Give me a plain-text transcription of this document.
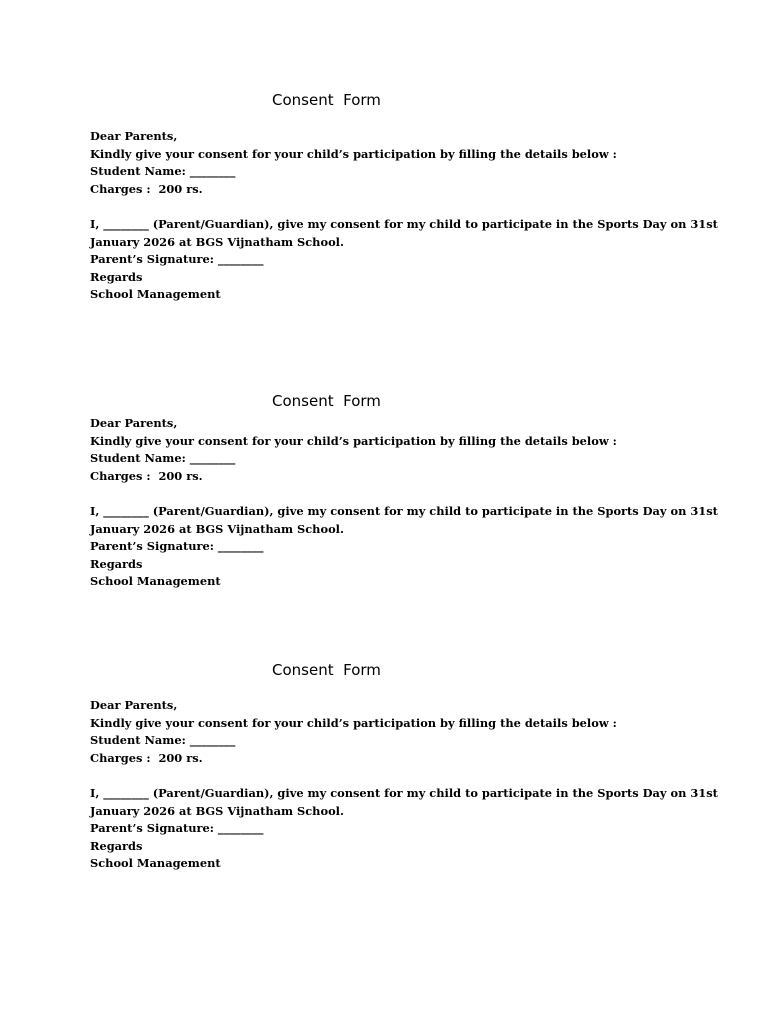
Consent  Form

Dear Parents,

Kindly give your consent for your child’s participation by filling the details below :

Student Name: ________

Charges :  200 rs.

I, ________ (Parent/Guardian), give my consent for my child to participate in the Sports Day on 31st

January 2026 at BGS Vijnatham School.

Parent’s Signature: ________

Regards

School Management

Consent  Form

Dear Parents,

Kindly give your consent for your child’s participation by filling the details below :

Student Name: ________

Charges :  200 rs.

I, ________ (Parent/Guardian), give my consent for my child to participate in the Sports Day on 31st

January 2026 at BGS Vijnatham School.

Parent’s Signature: ________

Regards

School Management

Consent  Form

Dear Parents,

Kindly give your consent for your child’s participation by filling the details below :

Student Name: ________

Charges :  200 rs.

I, ________ (Parent/Guardian), give my consent for my child to participate in the Sports Day on 31st

January 2026 at BGS Vijnatham School.

Parent’s Signature: ________

Regards

School Management
